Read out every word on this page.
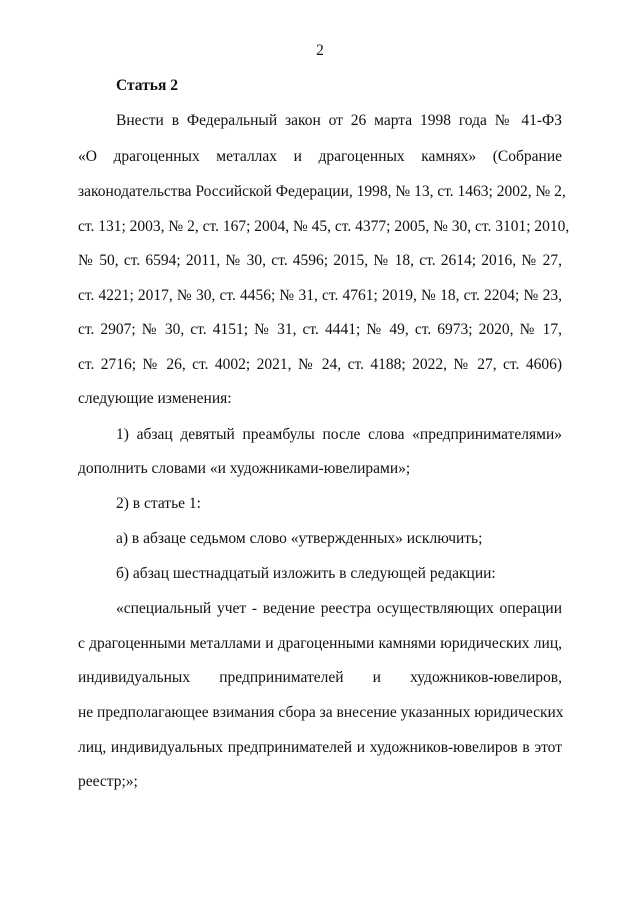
2
Статья 2
Внести в Федеральный закон от 26 марта 1998 года № 41-ФЗ
«О драгоценных металлах и драгоценных камнях» (Собрание
законодательства Российской Федерации, 1998, № 13, ст. 1463; 2002, № 2,
ст. 131; 2003, № 2, ст. 167; 2004, № 45, ст. 4377; 2005, № 30, ст. 3101; 2010,
№ 50, ст. 6594; 2011, № 30, ст. 4596; 2015, № 18, ст. 2614; 2016, № 27,
ст. 4221; 2017, № 30, ст. 4456; № 31, ст. 4761; 2019, № 18, ст. 2204; № 23,
ст. 2907; № 30, ст. 4151; № 31, ст. 4441; № 49, ст. 6973; 2020, № 17,
ст. 2716; № 26, ст. 4002; 2021, № 24, ст. 4188; 2022, № 27, ст. 4606)
следующие изменения:
1) абзац девятый преамбулы после слова «предпринимателями»
дополнить словами «и художниками-ювелирами»;
2) в статье 1:
а) в абзаце седьмом слово «утвержденных» исключить;
б) абзац шестнадцатый изложить в следующей редакции:
«специальный учет - ведение реестра осуществляющих операции
с драгоценными металлами и драгоценными камнями юридических лиц,
индивидуальных предпринимателей и художников-ювелиров,
не предполагающее взимания сбора за внесение указанных юридических
лиц, индивидуальных предпринимателей и художников-ювелиров в этот
реестр;»;
